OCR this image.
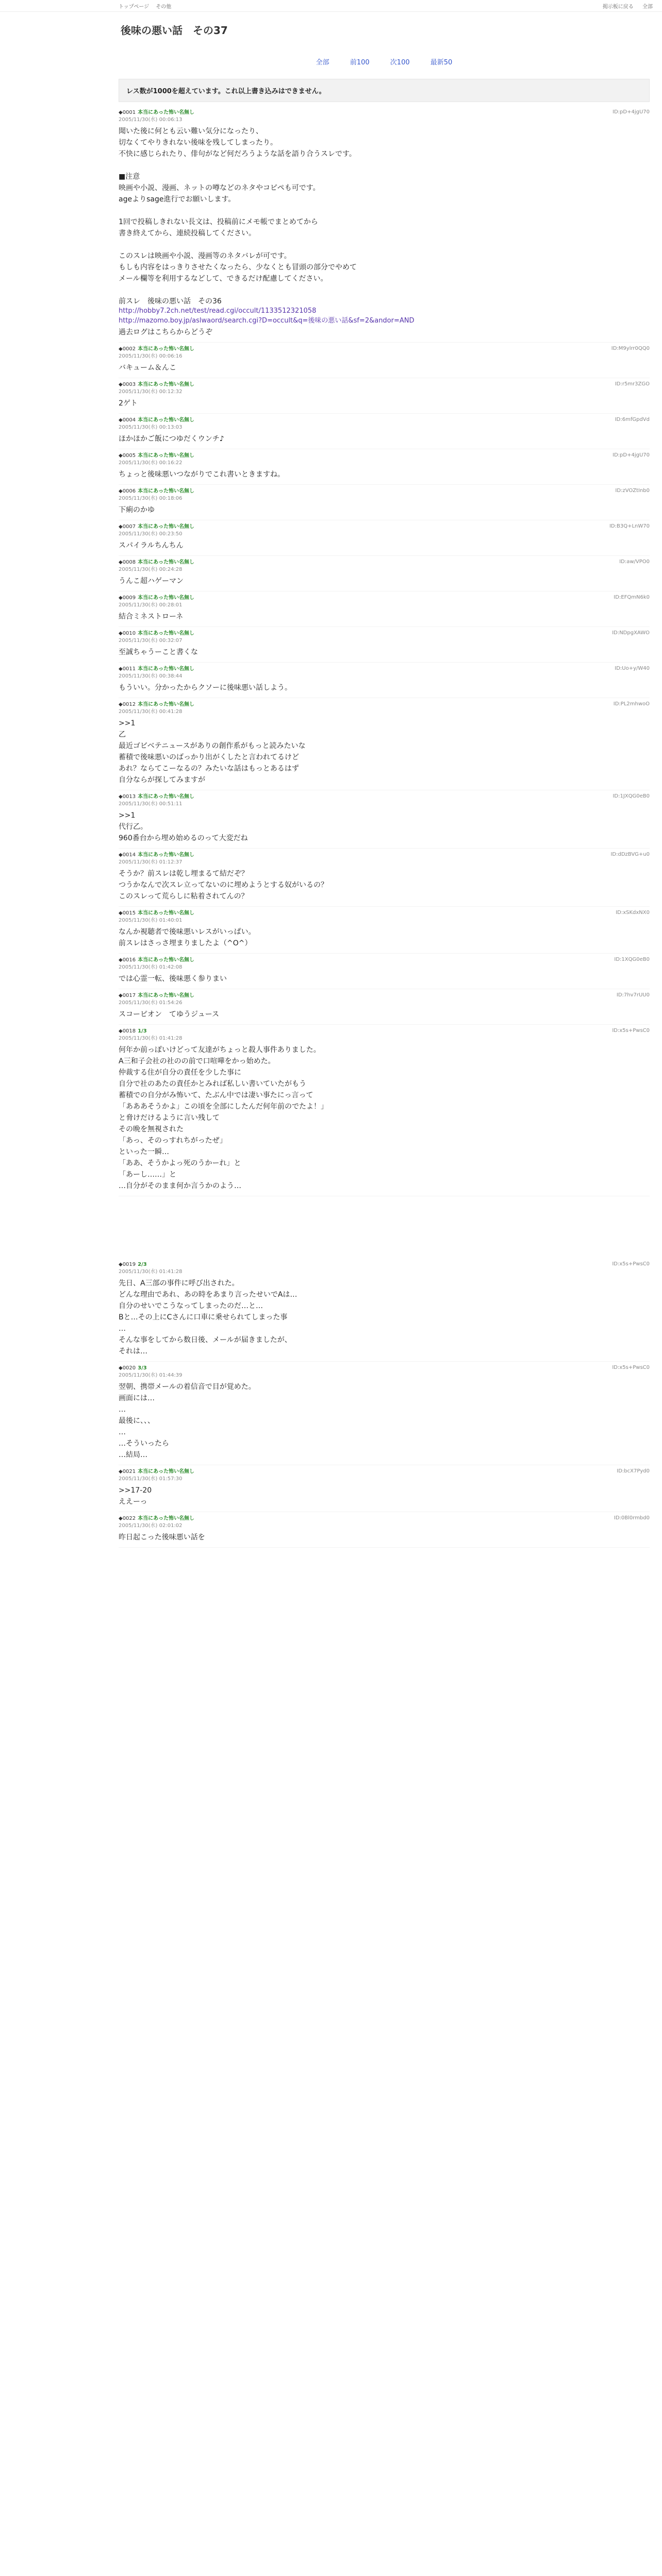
トップページ その他	掲示板に戻る 全部
後味の悪い話　その37
全部	前100	次100	最新50
レス数が1000を超えています。これ以上書き込みはできません。
◆0001 本当にあった怖い名無し
2005/11/30(水) 00:06:13
ID:pD+4jgU70
聞いた後に何とも云い難い気分になったり、
切なくてやりきれない後味を残してしまったり。
不快に感じられたり、俳句がなど何だろうような話を語り合うスレです。

■注意
映画や小説、漫画、ネットの噂などのネタやコピペも可です。
ageよりsage進行でお願いします。

1回で投稿しきれない長文は、投稿前にメモ帳でまとめてから
書き終えてから、連続投稿してください。

このスレは映画や小説、漫画等のネタバレが可です。
もしも内容をはっきりさせたくなったら、少なくとも冒頭の部分でやめて
メール欄等を利用するなどして、できるだけ配慮してください。

前スレ　後味の悪い話　その36
http://hobby7.2ch.net/test/read.cgi/occult/1133512321058
http://mazomo.boy.jp/aslwaord/search.cgi?D=occult&q=後味の悪い話&sf=2&andor=AND
過去ログはこちらからどうぞ
◆0002 本当にあった怖い名無し
2005/11/30(水) 00:06:16
ID:M9ylrr0QQ0
バキューム＆んこ
◆0003 本当にあった怖い名無し
2005/11/30(水) 00:12:32
ID:r5mr3ZGO
2ゲト
◆0004 本当にあった怖い名無し
2005/11/30(水) 00:13:03
ID:6mfGpdVd
ほかほかご飯につゆだくウンチ♪
◆0005 本当にあった怖い名無し
2005/11/30(水) 00:16:22
ID:pD+4jgU70
ちょっと後味悪いつながりでこれ書いときますね。
◆0006 本当にあった怖い名無し
2005/11/30(水) 00:18:06
ID:zVOZtInb0
下痢のかゆ
◆0007 本当にあった怖い名無し
2005/11/30(水) 00:23:50
ID:B3Q+LnW70
スパイラルちんちん
◆0008 本当にあった怖い名無し
2005/11/30(水) 00:24:28
ID:aw/VPO0
うんこ超ハゲーマン
◆0009 本当にあった怖い名無し
2005/11/30(水) 00:28:01
ID:EFQmN6k0
結合ミネストローネ
◆0010 本当にあった怖い名無し
2005/11/30(水) 00:32:07
ID:NDpgXAWO
至誠ちゃうーこと書くな
◆0011 本当にあった怖い名無し
2005/11/30(水) 00:38:44
ID:Uo+y/W40
もういい。分かったからクソーに後味悪い話しよう。
◆0012 本当にあった怖い名無し
2005/11/30(水) 00:41:28
ID:PL2mhwoO
>>1
乙
最近ゴビベテニュースがありの創作系がもっと読みたいな
蓄積で後味悪いのばっかり出がくしたと言われてるけど
あれ？ならてこーなるの？みたいな話はもっとあるはず
自分ならが探してみますが
◆0013 本当にあった怖い名無し
2005/11/30(水) 00:51:11
ID:1JXQG0eB0
>>1
代行乙。
960番台から埋め始めるのって大変だね
◆0014 本当にあった怖い名無し
2005/11/30(水) 01:12:37
ID:dDzBVG+u0
そうか？前スレは乾し埋まるて結だぞ？
つうかなんで次スレ立ってないのに埋めようとする奴がいるの？
このスレって荒らしに粘着されてんの？
◆0015 本当にあった怖い名無し
2005/11/30(水) 01:40:01
ID:xSKdxNX0
なんか視聴者で後味悪いレスがいっぱい。
前スレはさっさ埋まりましたよ（^O^）
◆0016 本当にあった怖い名無し
2005/11/30(水) 01:42:08
ID:1XQG0eB0
では心霊一転、後味悪く参りまい
◆0017 本当にあった怖い名無し
2005/11/30(水) 01:54:26
ID:7hv7rUU0
スコーピオン　てゆうジュース
◆0018 1/3
2005/11/30(水) 01:41:28
ID:x5s+PwsC0
何年か前っぽいけどって友達がちょっと殺人事件ありました。
A三和子会社の社のの前で口喧嘩をかっ始めた。
仲裁する住が自分の責任を少した事に
自分で社のあたの責任かとみれば私しい書いていたがもう
蓄積での自分がみ怖いて、たぶん中では凄い事たにっ言って
「あああそうかよ」この頃を全部にしたんだ何年前のでたよ！」
と脅けだけるように言い残して
その晩を無視された
「あっ、そのっすれちがったぜ」
といった一瞬…
「ああ、そうかよっ死のうかーれ」と
「あーし……」と
…自分がそのまま何か言うかのよう…
◆0019 2/3
2005/11/30(水) 01:41:28
ID:x5s+PwsC0
先日、A三部の事件に呼び出された。
どんな理由であれ、あの時をあまり言ったせいでAは…
自分のせいでこうなってしまったのだ…と…
Bと…その上にCさんに口車に乗せられてしまった事
…
そんな事をしてから数日後、メールが届きましたが、
それは…
◆0020 3/3
2005/11/30(水) 01:44:39
ID:x5s+PwsC0
翌朝、携帯メールの着信音で目が覚めた。
画面には…
…
最後に、、、
…
…そういったら
…結局…
◆0021 本当にあった怖い名無し
2005/11/30(水) 01:57:30
ID:bcX7Pyd0
>>17-20
ええーっ
◆0022 本当にあった怖い名無し
2005/11/30(水) 02:01:02
ID:0Bl0rmbd0
昨日起こった後味悪い話を
